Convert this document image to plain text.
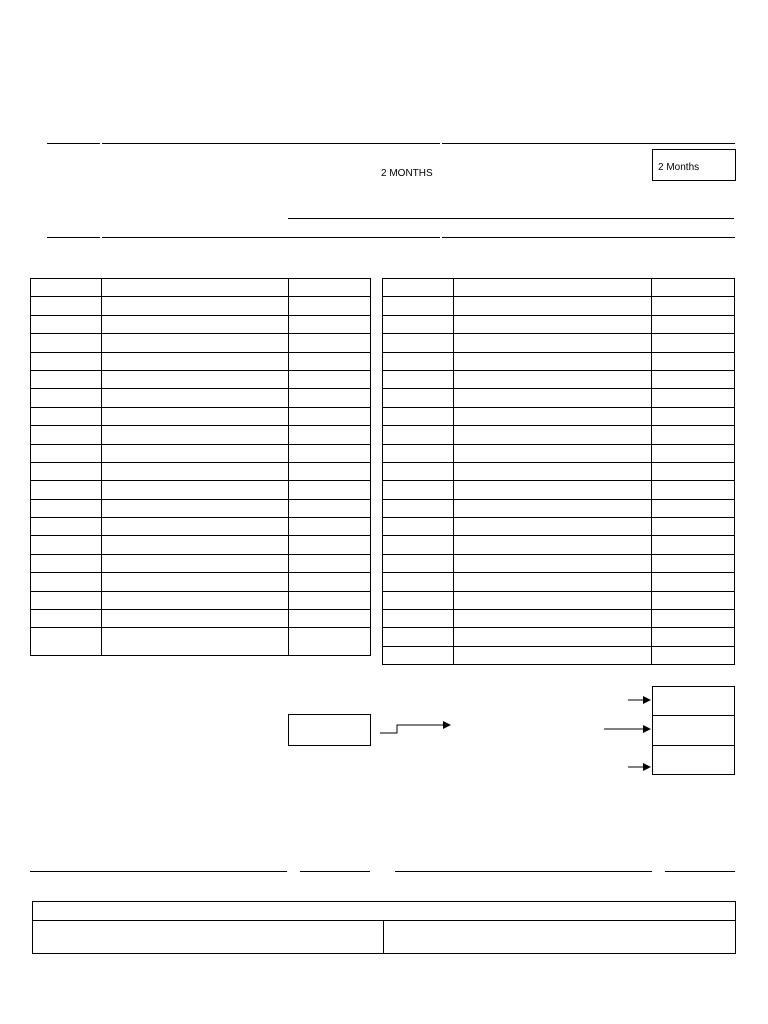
2 MONTHS
2 Months
